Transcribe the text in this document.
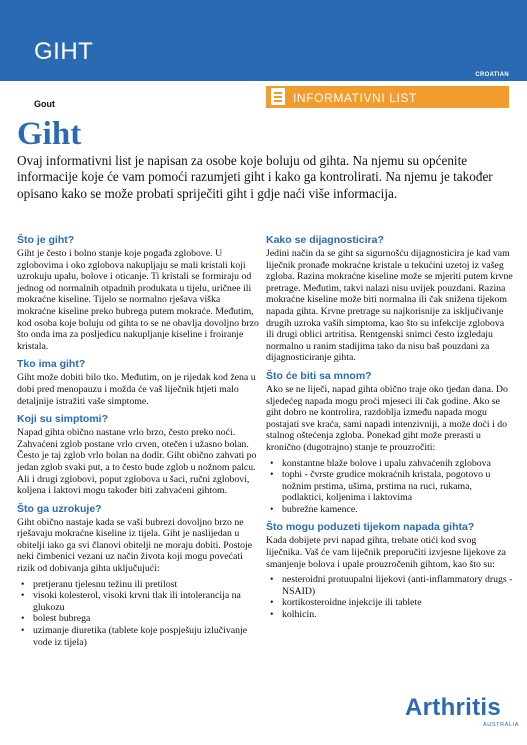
GIHT
CROATIAN
Gout	INFORMATIVNI LIST
Giht

Ovaj informativni list je napisan za osobe koje boluju od gihta. Na njemu su općenite informacije koje će vam pomoći razumjeti giht i kako ga kontrolirati. Na njemu je također opisano kako se može probati spriječiti giht i gdje naći više informacija.

Što je giht?

Giht je često i bolno stanje koje pogađa zglobove. U zglobovima i oko zglobova nakupljaju se mali kristali koji uzrokuju upalu, bolove i oticanje. Ti kristali se formiraju od jednog od normalnih otpadnih produkata u tijelu, uričnee ili mokraćne kiseline. Tijelo se normalno rješava viška mokraćne kiseline preko bubrega putem mokraće. Međutim, kod osoba koje boluju od gihta to se ne obavlja dovoljno brzo što onda ima za posljedicu nakupljanje kiseline i froiranje kristala.

Tko ima giht?

Giht može dobiti bilo tko. Međutim, on je rijedak kod žena u dobi pred menopauzu i možda će vaš liječnik htjeti malo detaljnije istražiti vaše simptome.

Koji su simptomi?

Napad gihta obično nastane vrlo brzo, često preko noći. Zahvaćeni zglob postane vrlo crven, otečen i užasno bolan. Često je taj zglob vrlo bolan na dodir. Giht obično zahvati po jedan zglob svaki put, a to često bude zglob u nožnom palcu. Ali i drugi zglobovi, poput zglobova u šaci, ručni zglobovi, koljena i laktovi mogu također biti zahvaćeni gihtom.

Što ga uzrokuje?

Giht obično nastaje kada se vaši bubrezi dovoljno brzo ne rješavaju mokraćne kiseline iz tijela. Giht je naslijedan u obitelji iako ga svi članovi obitelji ne moraju dobiti. Postoje neki čimbenici vezani uz način života koji mogu povećati rizik od dobivanja gihta uključujući:

• pretjeranu tjelesnu težinu ili pretilost
• visoki kolesterol, visoki krvni tlak ili intolerancija na glukozu
• bolest bubrega
• uzimanje diuretika (tablete koje pospješuju izlučivanje vode iz tijela)
Kako se dijagnosticira?

Jedini način da se giht sa sigurnošću dijagnosticira je kad vam liječnik pronađe mokraćne kristale u tekućini uzetoj iz vašeg zgloba. Razina mokraćne kiseline može se mjeriti putem krvne pretrage. Međutim, takvi nalazi nisu uvijek pouzdani. Razina mokraćne kiseline može biti normalna ili čak snižena tijekom napada gihta. Krvne pretrage su najkorisnije za isključivanje drugih uzroka vaših simptoma, kao što su infekcije zglobova ili drugi oblici artritisa. Rentgenski snimci često izgledaju normalno u ranim stadijima tako da nisu baš pouzdani za dijagnosticiranje gihta.

Što će biti sa mnom?

Ako se ne liječi, napad gihta obično traje oko tjedan dana. Do sljedećeg napada mogu proći mjeseci ili čak godine. Ako se giht dobro ne kontrolira, razdoblja između napada mogu postajati sve kraća, sami napadi intenzivniji, a može doći i do stalnog oštećenja zgloba. Ponekad giht može prerasti u kronično (dugotrajno) stanje te prouzročiti:

• konstantne blaže bolove i upalu zahvaćenih zglobova
• tophi - čvrste grudice mokraćnih kristala, pogotovo u nožnim prstima, ušima, prstima na ruci, rukama, podlaktici, koljenima i laktovima
• bubrežne kamence.
Što mogu poduzeti tijekom napada gihta?

Kada dobijete prvi napad gihta, trebate otići kod svog liječnika. Vaš će vam liječnik preporučiti izvjesne lijekove za smanjenje bolova i upale prouzročenih gihtom, kao što su:

• nesteroidni protuupalni lijekovi (anti-inflammatory drugs -NSAID)
• kortikosteroidne injekcije ili tablete
• kolhicin.
Arthritis
AUSTRALIA
